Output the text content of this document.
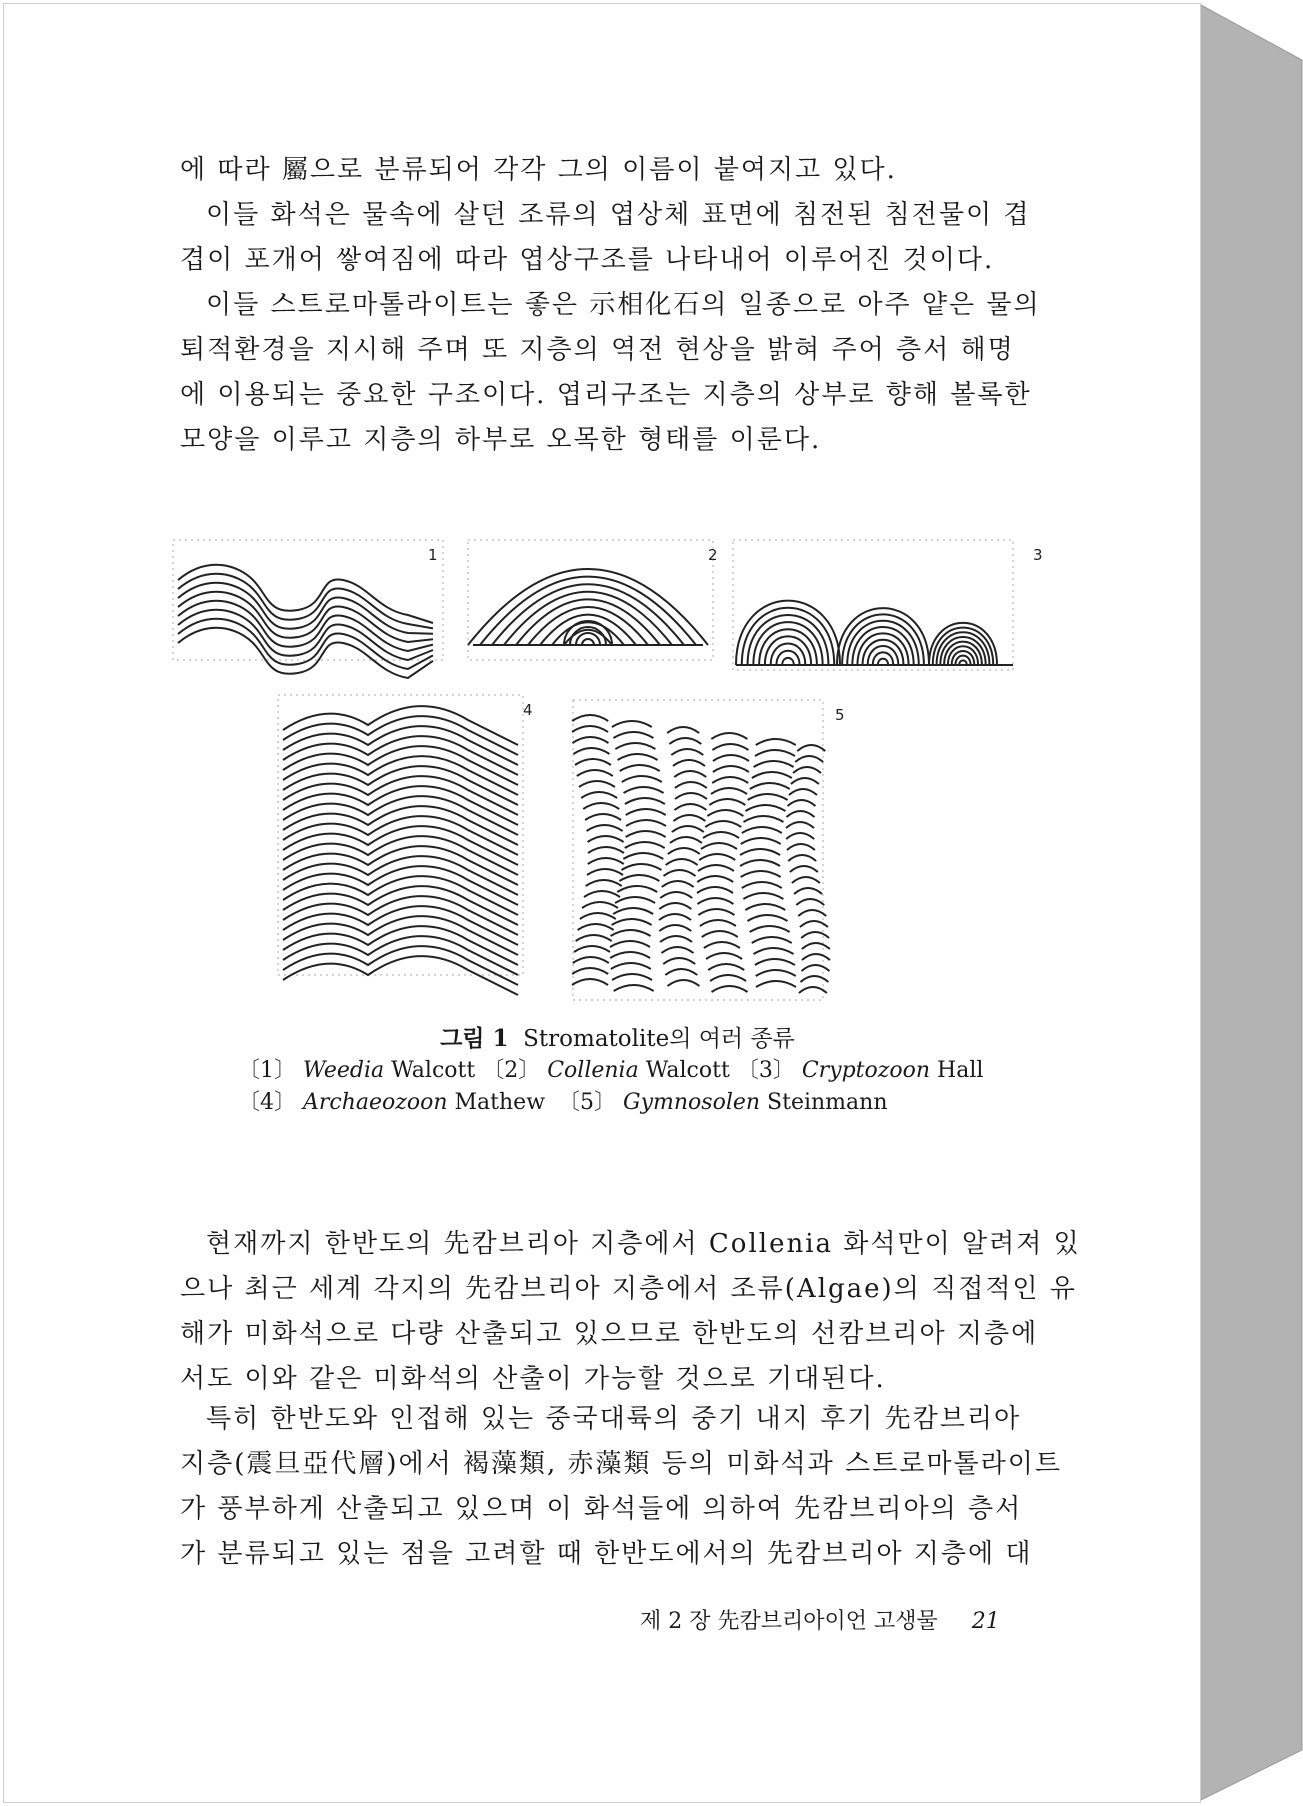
에 따라 屬으로 분류되어 각각 그의 이름이 붙여지고 있다.
이들 화석은 물속에 살던 조류의 엽상체 표면에 침전된 침전물이 겹
겹이 포개어 쌓여짐에 따라 엽상구조를 나타내어 이루어진 것이다.
이들 스트로마톨라이트는 좋은 示相化石의 일종으로 아주 얕은 물의
퇴적환경을 지시해 주며 또 지층의 역전 현상을 밝혀 주어 층서 해명
에 이용되는 중요한 구조이다. 엽리구조는 지층의 상부로 향해 볼록한
모양을 이루고 지층의 하부로 오목한 형태를 이룬다.
1	2	3
4	5
그림 1 Stromatolite의 여러 종류
〔1〕 Weedia Walcott 〔2〕 Collenia Walcott 〔3〕 Cryptozoon Hall
〔4〕 Archaeozoon Mathew 〔5〕 Gymnosolen Steinmann
현재까지 한반도의 先캄브리아 지층에서 Collenia 화석만이 알려져 있
으나 최근 세계 각지의 先캄브리아 지층에서 조류(Algae)의 직접적인 유
해가 미화석으로 다량 산출되고 있으므로 한반도의 선캄브리아 지층에
서도 이와 같은 미화석의 산출이 가능할 것으로 기대된다.
특히 한반도와 인접해 있는 중국대륙의 중기 내지 후기 先캄브리아
지층(震旦亞代層)에서 褐藻類, 赤藻類 등의 미화석과 스트로마톨라이트
가 풍부하게 산출되고 있으며 이 화석들에 의하여 先캄브리아의 층서
가 분류되고 있는 점을 고려할 때 한반도에서의 先캄브리아 지층에 대
제 2 장 先캄브리아이언 고생물 21
